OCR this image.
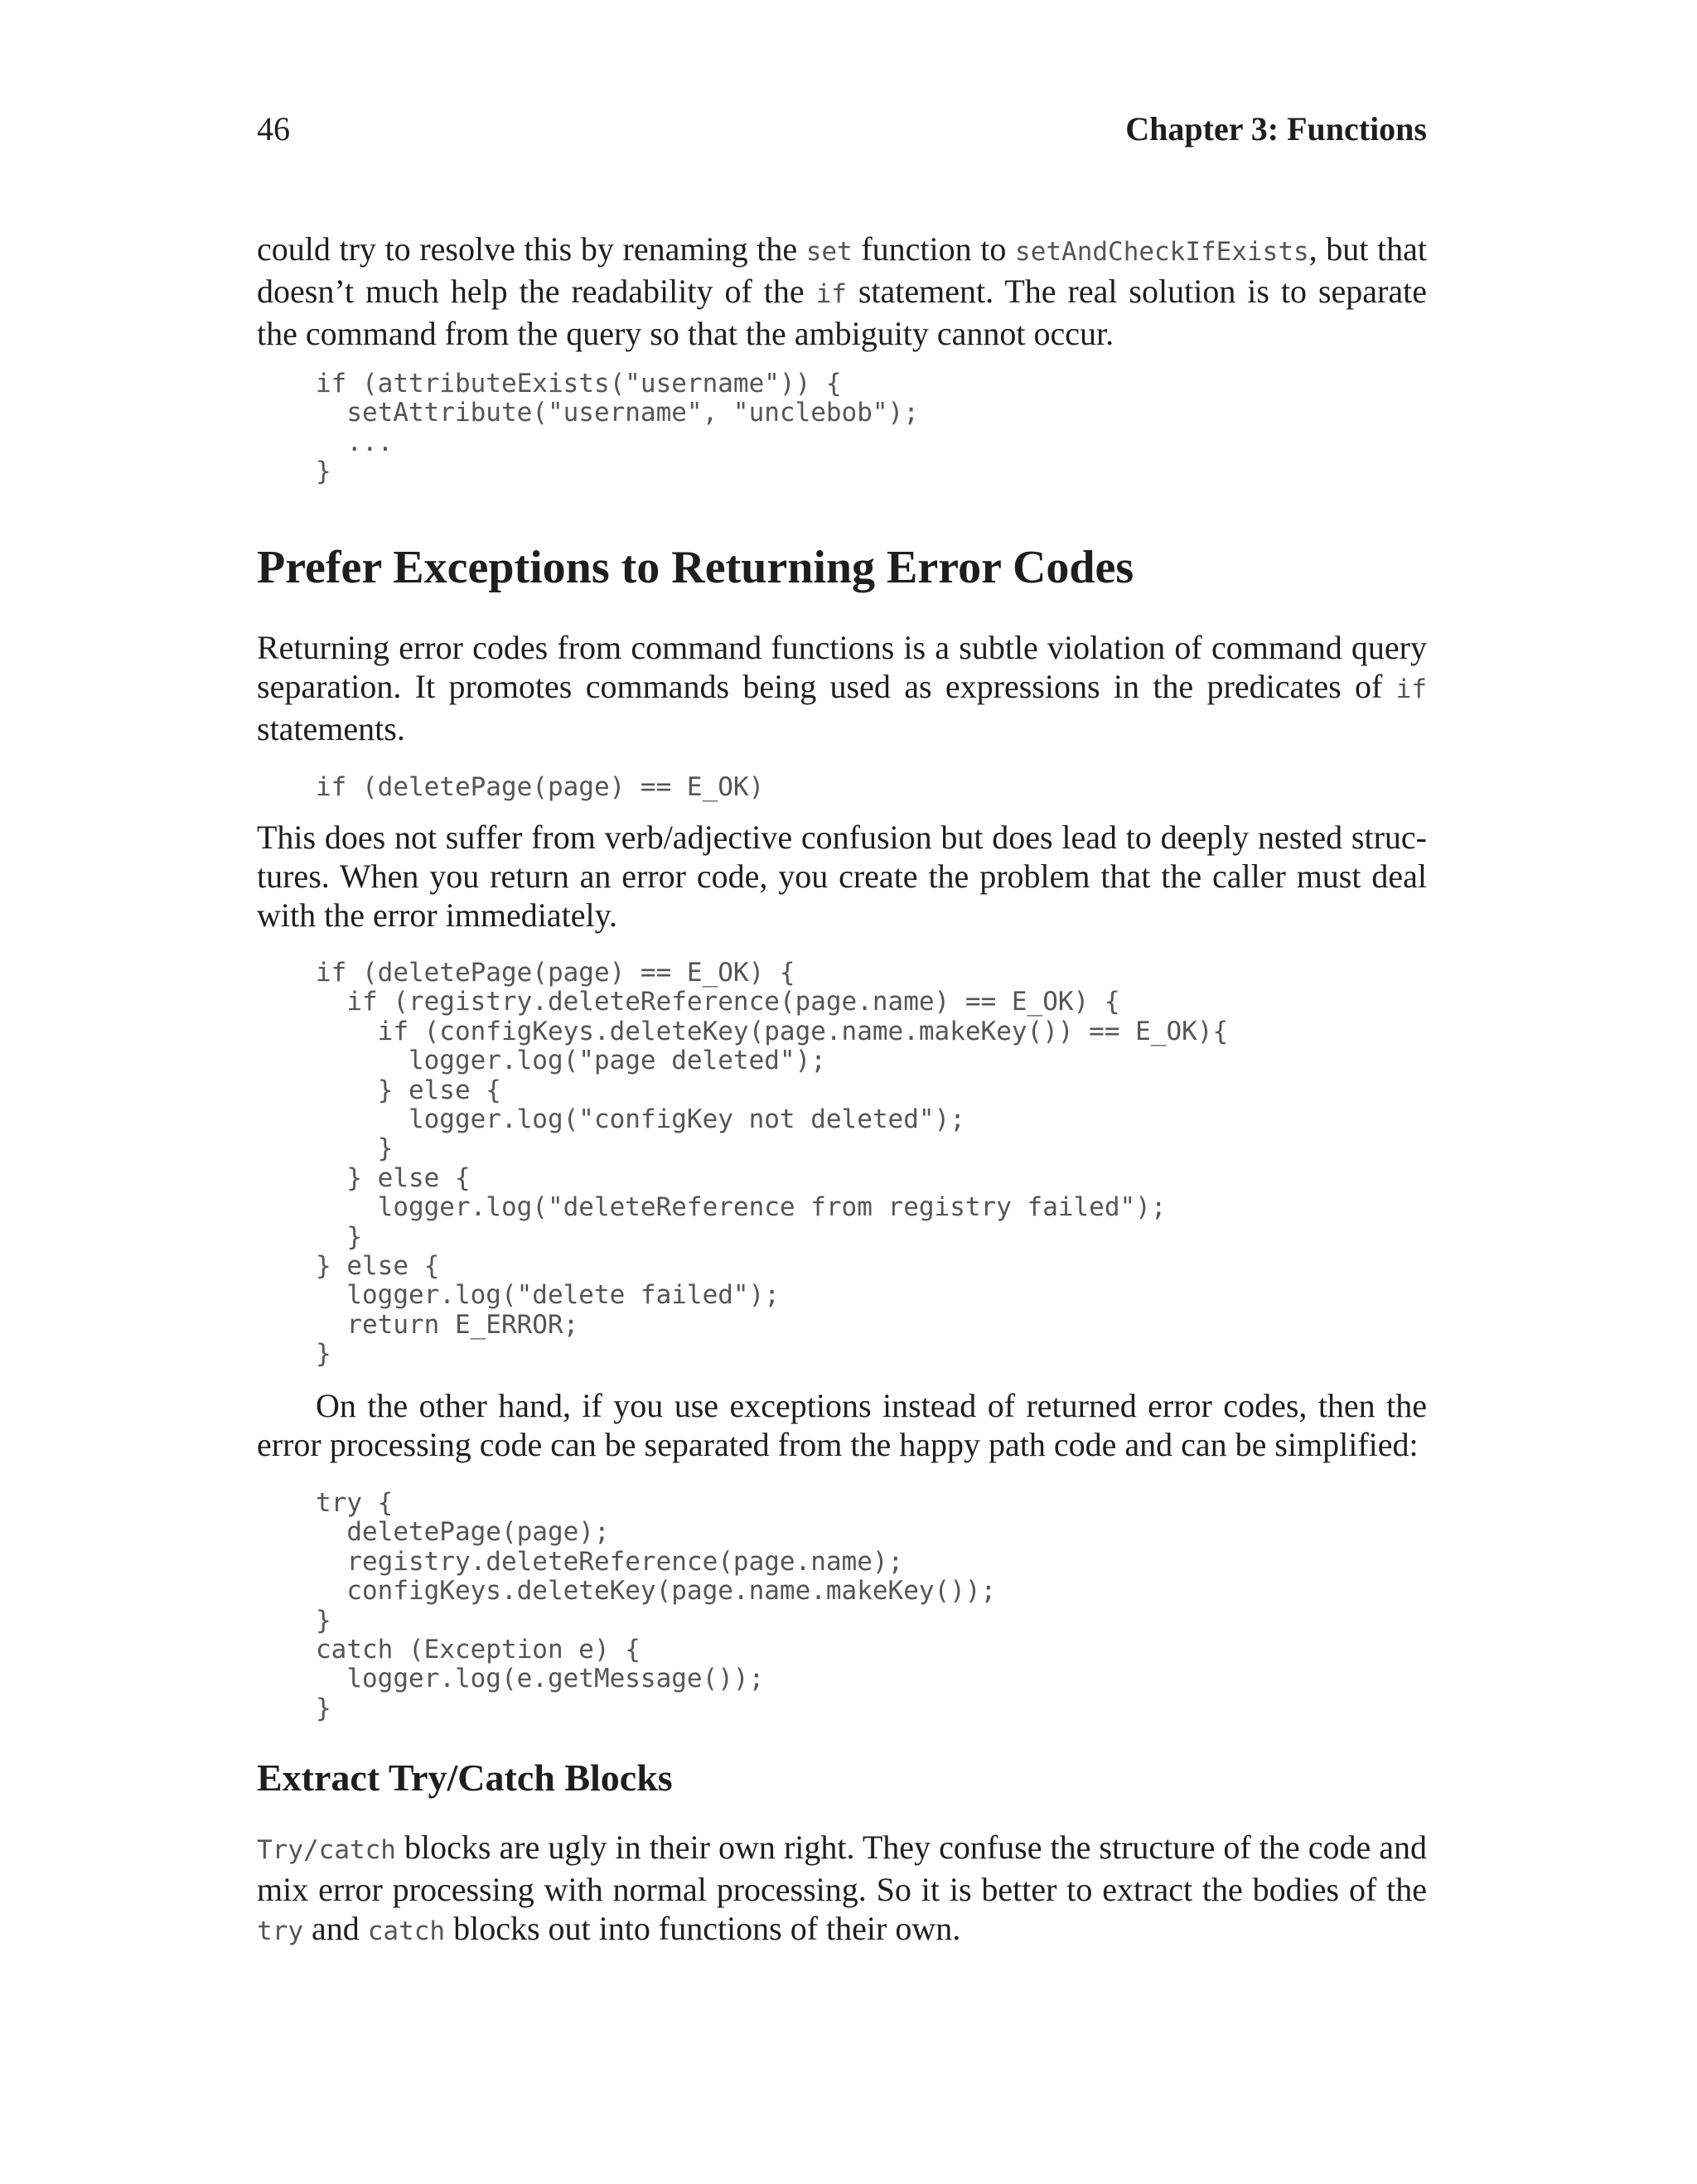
46	Chapter 3: Functions

could try to resolve this by renaming the set function to setAndCheckIfExists, but that doesn’t much help the readability of the if statement. The real solution is to separate the command from the query so that the ambiguity cannot occur.

if (attributeExists("username")) {
setAttribute("username", "unclebob");
...
}
Prefer Exceptions to Returning Error Codes

Returning error codes from command functions is a subtle violation of command query separation. It promotes commands being used as expressions in the predicates of if statements.

if (deletePage(page) == E_OK)

This does not suffer from verb/adjective confusion but does lead to deeply nested structures. When you return an error code, you create the problem that the caller must deal with the error immediately.

if (deletePage(page) == E_OK) {
if (registry.deleteReference(page.name) == E_OK) {
if (configKeys.deleteKey(page.name.makeKey()) == E_OK){
logger.log("page deleted");
} else {
logger.log("configKey not deleted");
}
} else {
logger.log("deleteReference from registry failed");
}
} else {
logger.log("delete failed");
return E_ERROR;
}

On the other hand, if you use exceptions instead of returned error codes, then the error processing code can be separated from the happy path code and can be simplified:

try {
deletePage(page);
registry.deleteReference(page.name);
configKeys.deleteKey(page.name.makeKey());
}
catch (Exception e) {
logger.log(e.getMessage());
}
Extract Try/Catch Blocks

Try/catch blocks are ugly in their own right. They confuse the structure of the code and mix error processing with normal processing. So it is better to extract the bodies of the try and catch blocks out into functions of their own.
